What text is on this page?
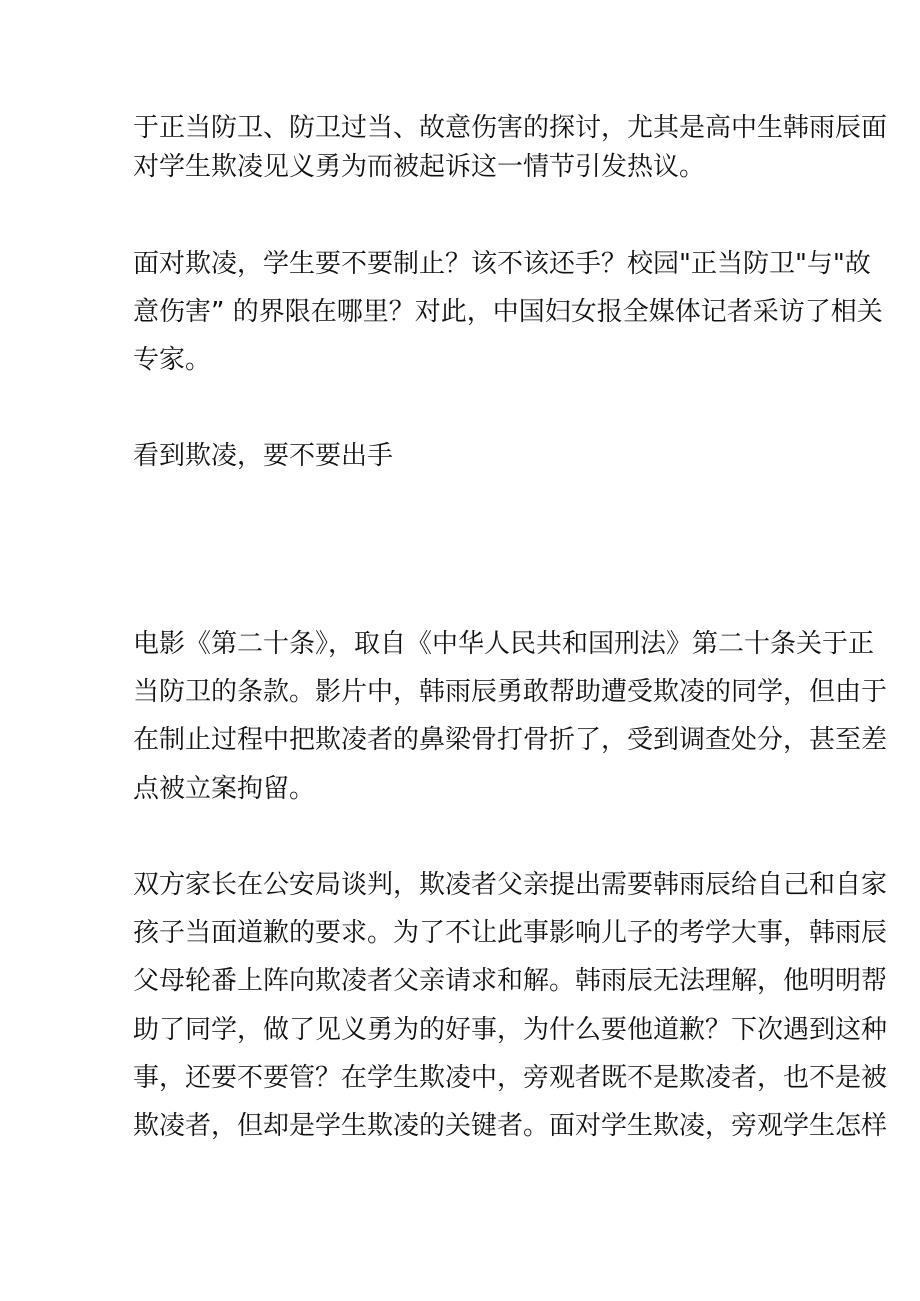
于正当防卫、防卫过当、故意伤害的探讨，尤其是高中生韩雨辰面
对学生欺凌见义勇为而被起诉这一情节引发热议。
面对欺凌，学生要不要制止？该不该还手？校园"正当防卫"与"故
意伤害” 的界限在哪里？对此，中国妇女报全媒体记者采访了相关
专家。
看到欺凌，要不要出手
电影《第二十条》，取自《中华人民共和国刑法》第二十条关于正
当防卫的条款。影片中，韩雨辰勇敢帮助遭受欺凌的同学，但由于
在制止过程中把欺凌者的鼻梁骨打骨折了，受到调查处分，甚至差
点被立案拘留。
双方家长在公安局谈判，欺凌者父亲提出需要韩雨辰给自己和自家
孩子当面道歉的要求。为了不让此事影响儿子的考学大事，韩雨辰
父母轮番上阵向欺凌者父亲请求和解。韩雨辰无法理解，他明明帮
助了同学，做了见义勇为的好事，为什么要他道歉？下次遇到这种
事，还要不要管？在学生欺凌中，旁观者既不是欺凌者，也不是被
欺凌者，但却是学生欺凌的关键者。面对学生欺凌，旁观学生怎样
